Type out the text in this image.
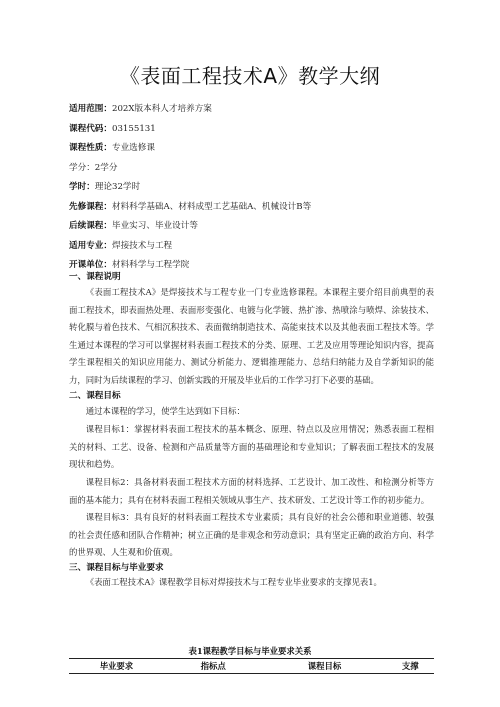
《表面工程技术A》教学大纲
适用范围：202X版本科人才培养方案
课程代码：03155131
课程性质：专业选修课
学分：2学分
学时：理论32学时
先修课程：材料科学基础A、材料成型工艺基础A、机械设计B等
后续课程：毕业实习、毕业设计等
适用专业：焊接技术与工程
开课单位：材料科学与工程学院
一、课程说明
《表面工程技术A》是焊接技术与工程专业一门专业选修课程。本课程主要介绍目前典型的表面工程技术，即表面热处理、表面形变强化、电镀与化学镀、热扩渗、热喷涂与喷焊、涂装技术、转化膜与着色技术、气相沉积技术、表面微纳制造技术、高能束技术以及其他表面工程技术等。学生通过本课程的学习可以掌握材料表面工程技术的分类、原理、工艺及应用等理论知识内容，提高学生课程相关的知识应用能力、测试分析能力、逻辑推理能力、总结归纳能力及自学新知识的能力，同时为后续课程的学习、创新实践的开展及毕业后的工作学习打下必要的基础。
二、课程目标
通过本课程的学习，使学生达到如下目标：
课程目标1：掌握材料表面工程技术的基本概念、原理、特点以及应用情况；熟悉表面工程相关的材料、工艺、设备、检测和产品质量等方面的基础理论和专业知识；了解表面工程技术的发展现状和趋势。
课程目标2：具备材料表面工程技术方面的材料选择、工艺设计、加工改性、和检测分析等方面的基本能力；具有在材料表面工程相关领域从事生产、技术研发、工艺设计等工作的初步能力。
课程目标3：具有良好的材料表面工程技术专业素质；具有良好的社会公德和职业道德、较强的社会责任感和团队合作精神；树立正确的是非观念和劳动意识；具有坚定正确的政治方向、科学的世界观、人生观和价值观。
三、课程目标与毕业要求
《表面工程技术A》课程教学目标对焊接技术与工程专业毕业要求的支撑见表1。
表1课程教学目标与毕业要求关系
毕业要求	指标点	课程目标	支撑
